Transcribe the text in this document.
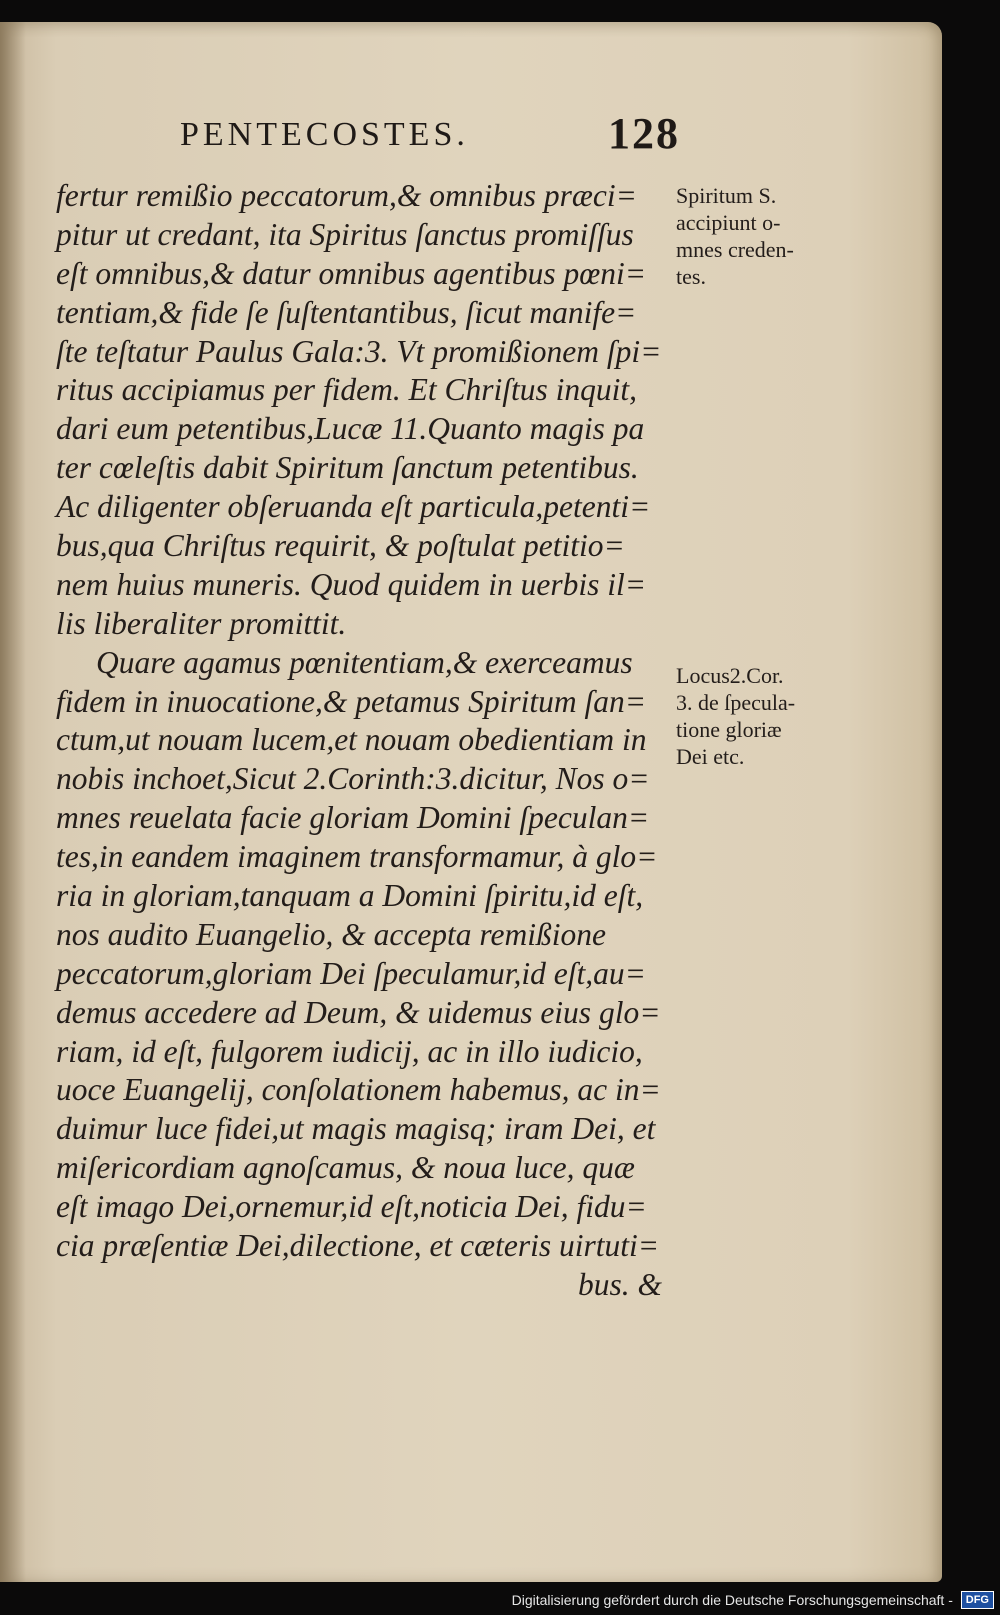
PENTECOSTES.	128
fertur remißio peccatorum,& omnibus præci=
pitur ut credant, ita Spiritus ſanctus promiſſus
eſt omnibus,& datur omnibus agentibus pœni=
tentiam,& fide ſe ſuſtentantibus, ſicut manife=
ſte teſtatur Paulus Gala:3. Vt promißionem ſpi=
ritus accipiamus per fidem. Et Chriſtus inquit,
dari eum petentibus,Lucæ 11.Quanto magis pa
ter cœleſtis dabit Spiritum ſanctum petentibus.
Ac diligenter obſeruanda eſt particula,petenti=
bus,qua Chriſtus requirit, & poſtulat petitio=
nem huius muneris. Quod quidem in uerbis il=
lis liberaliter promittit.
Quare agamus pœnitentiam,& exerceamus
fidem in inuocatione,& petamus Spiritum ſan=
ctum,ut nouam lucem,et nouam obedientiam in
nobis inchoet,Sicut 2.Corinth:3.dicitur, Nos o=
mnes reuelata facie gloriam Domini ſpeculan=
tes,in eandem imaginem transformamur, à glo=
ria in gloriam,tanquam a Domini ſpiritu,id eſt,
nos audito Euangelio, & accepta remißione
peccatorum,gloriam Dei ſpeculamur,id eſt,au=
demus accedere ad Deum, & uidemus eius glo=
riam, id eſt, fulgorem iudicij, ac in illo iudicio,
uoce Euangelij, conſolationem habemus, ac in=
duimur luce fidei,ut magis magisq; iram Dei, et
miſericordiam agnoſcamus, & noua luce, quæ
eſt imago Dei,ornemur,id eſt,noticia Dei, fidu=
cia præſentiæ Dei,dilectione, et cæteris uirtuti=
bus. &
Spiritum S.
accipiunt o-
mnes creden-
tes.
Locus2.Cor.
3. de ſpecula-
tione gloriæ
Dei etc.
Digitalisierung gefördert durch die Deutsche Forschungsgemeinschaft - DFG
